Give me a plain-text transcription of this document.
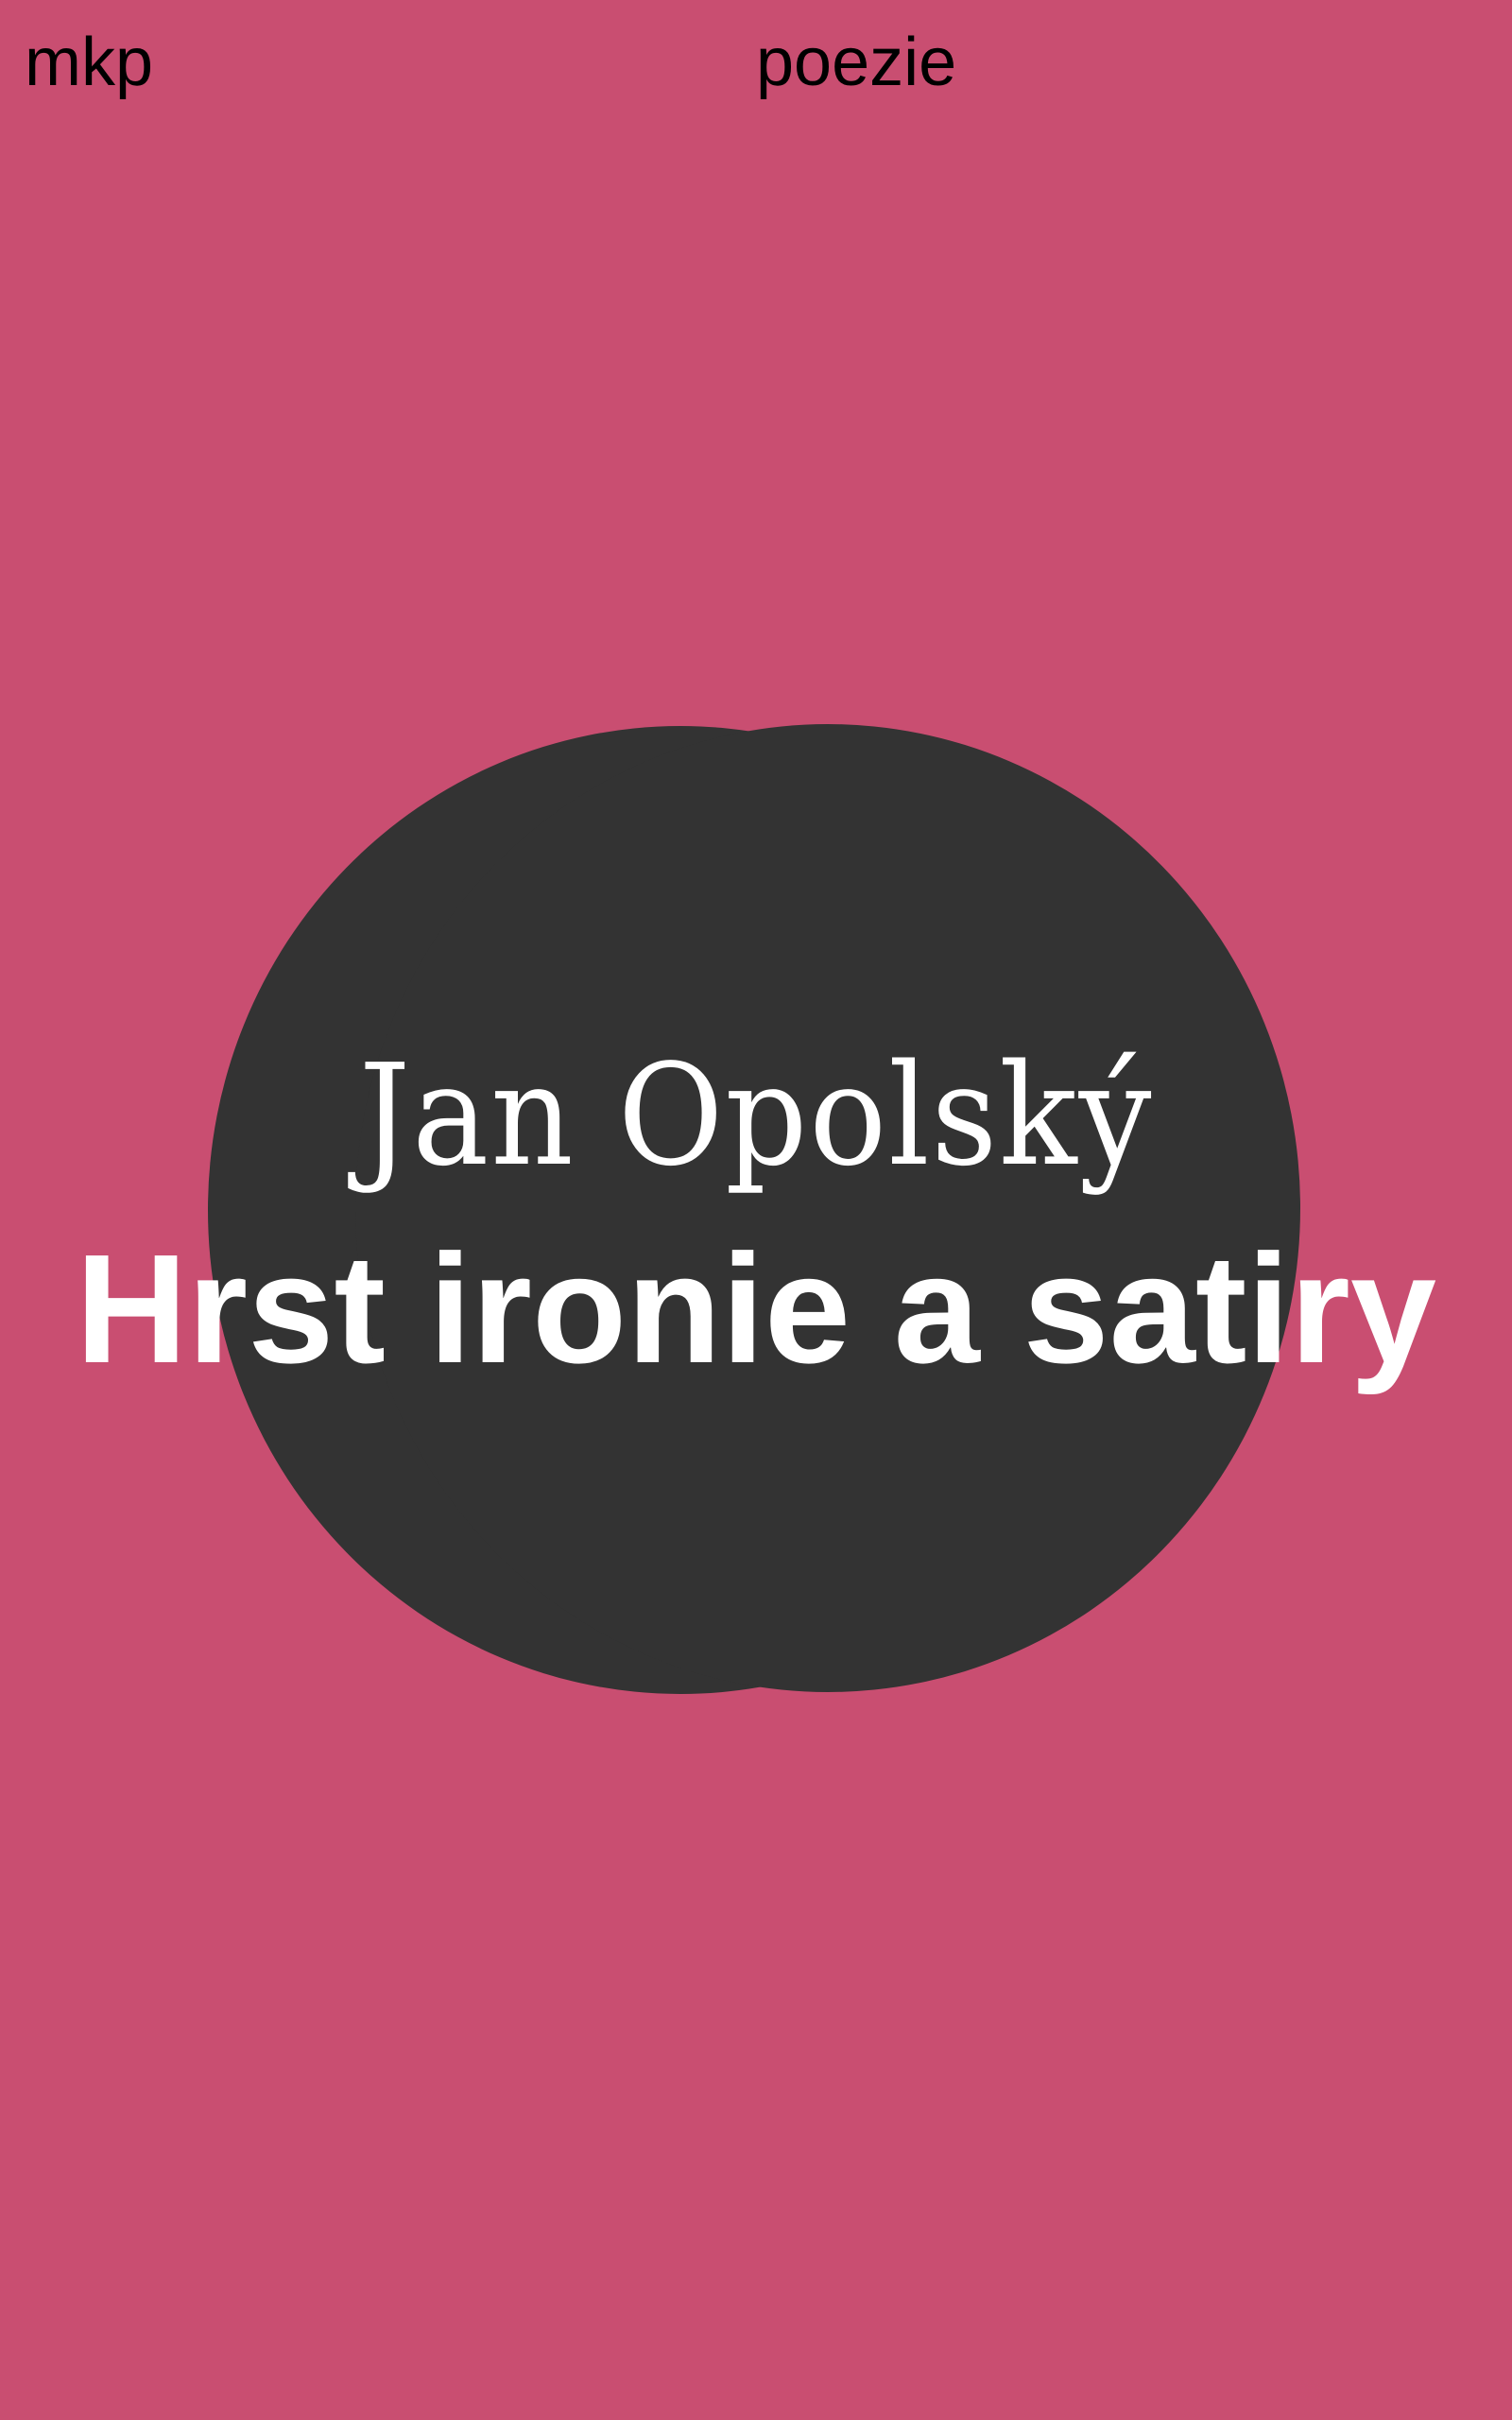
mkp	poezie
Jan Opolský
Hrst ironie a satiry
